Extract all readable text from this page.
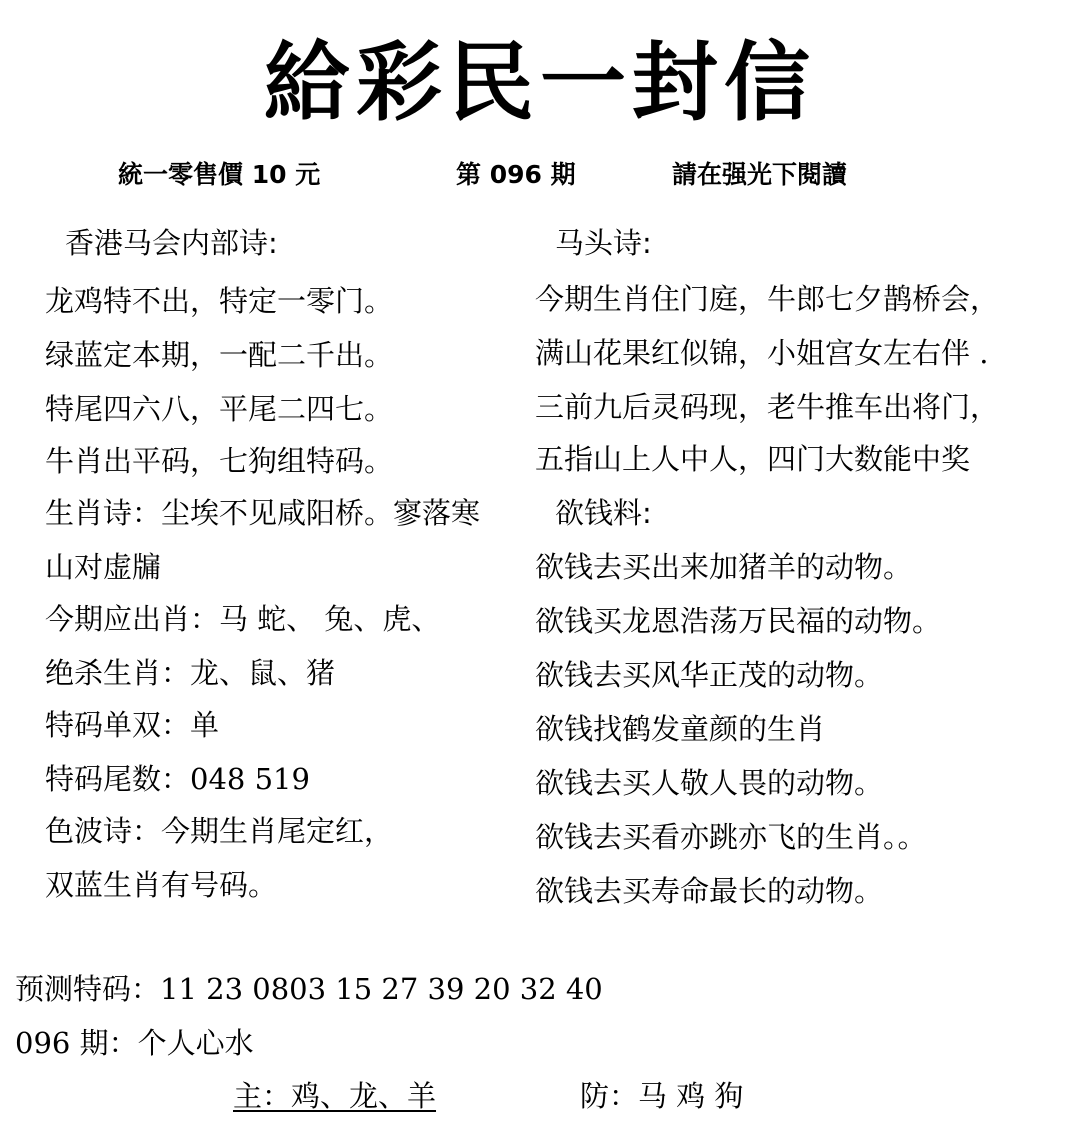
給彩民一封信
統一零售價 10 元	第 096 期	請在强光下閱讀
香港马会内部诗:
龙鸡特不出，特定一零门。
绿蓝定本期，一配二千出。
特尾四六八，平尾二四七。
牛肖出平码，七狗组特码。
生肖诗：尘埃不见咸阳桥。寥落寒
山对虚牖
今期应出肖：马 蛇、 兔、虎、
绝杀生肖：龙、鼠、猪
特码单双：单
特码尾数：048 519
色波诗：今期生肖尾定红，
双蓝生肖有号码。
马头诗:
今期生肖住门庭，牛郎七夕鹊桥会，
满山花果红似锦，小姐宫女左右伴 .
三前九后灵码现，老牛推车出将门，
五指山上人中人，四门大数能中奖
欲钱料:
欲钱去买出来加猪羊的动物。
欲钱买龙恩浩荡万民福的动物。
欲钱去买风华正茂的动物。
欲钱找鹤发童颜的生肖
欲钱去买人敬人畏的动物。
欲钱去买看亦跳亦飞的生肖。。
欲钱去买寿命最长的动物。
预测特码：11 23 0803 15 27 39 20 32 40
096 期：个人心水
主：鸡、龙、羊	防：马 鸡 狗
